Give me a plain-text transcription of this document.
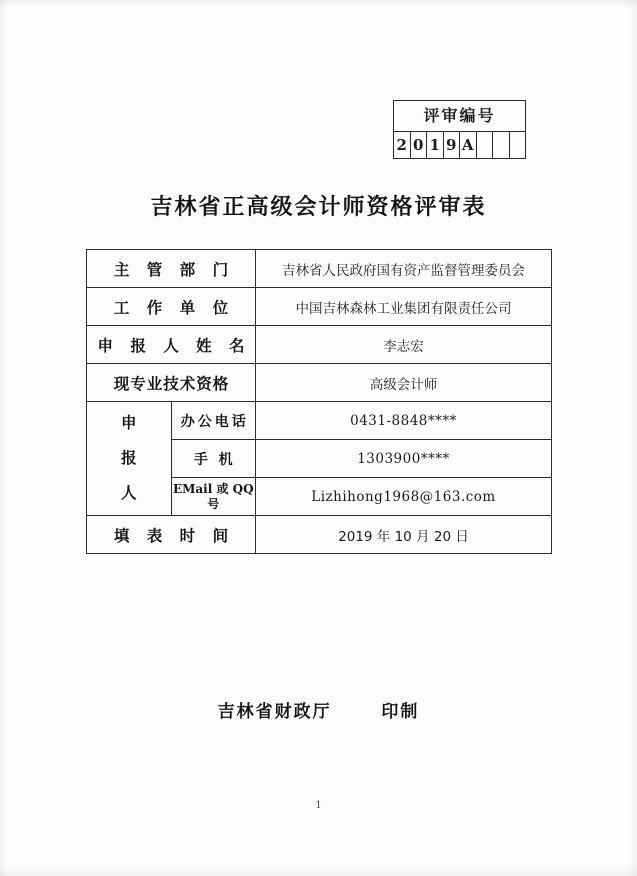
评审编号
2 0 1 9 A
吉林省正高级会计师资格评审表
主 管 部 门		吉林省人民政府国有资产监督管理委员会
工 作 单 位		中国吉林森林工业集团有限责任公司
申 报 人 姓 名		李志宏
现专业技术资格		高级会计师

申
报
人	办公电话	0431-8848****
	手 机	1303900****
	EMail 或 QQ 号	Lizhihong1968@163.com
填 表 时 间		2019 年 10 月 20 日
吉林省财政厅	印制
1
